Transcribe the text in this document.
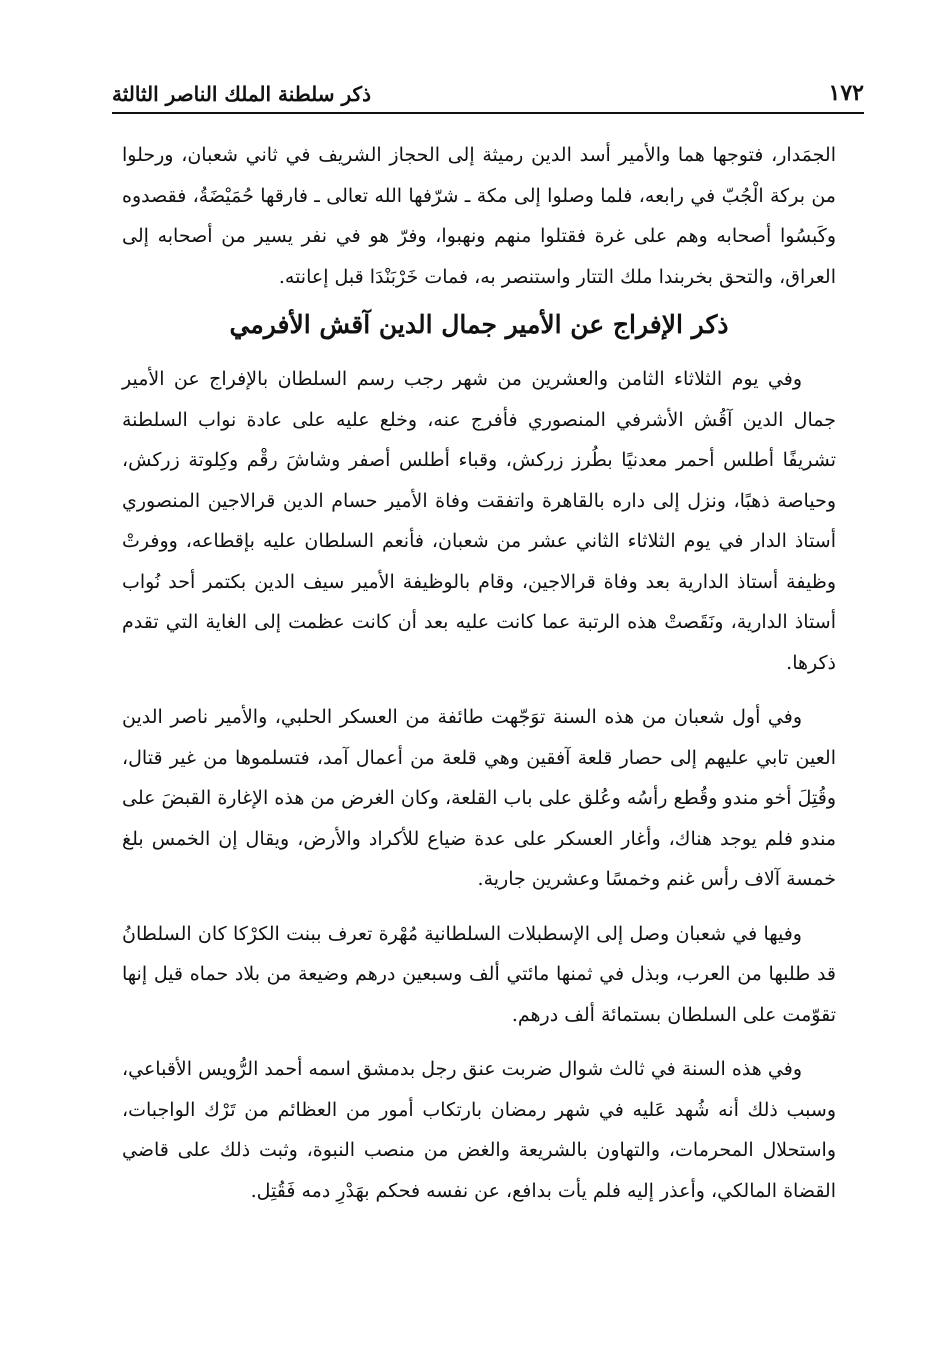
ذكر سلطنة الملك الناصر الثالثة	١٧٢

الجمَدار، فتوجها هما والأمير أسد الدين رميثة إلى الحجاز الشريف في ثاني شعبان، ورحلوا من بركة الْجُبّ في رابعه، فلما وصلوا إلى مكة ـ شرّفها الله تعالى ـ فارقها حُمَيْضَةُ، فقصدوه وكَبسُوا أصحابه وهم على غرة فقتلوا منهم ونهبوا، وفرّ هو في نفر يسير من أصحابه إلى العراق، والتحق بخربندا ملك التتار واستنصر به، فمات خَرْبَنْدَا قبل إعانته.

ذكر الإفراج عن الأمير جمال الدين آقش الأفرمي

وفي يوم الثلاثاء الثامن والعشرين من شهر رجب رسم السلطان بالإفراج عن الأمير جمال الدين آقُش الأشرفي المنصوري فأفرج عنه، وخلع عليه على عادة نواب السلطنة تشريفًا أطلس أحمر معدنيًا بطُرز زركش، وقباء أطلس أصفر وشاشَ رقْم وكِلوتة زركش، وحياصة ذهبًا، ونزل إلى داره بالقاهرة واتفقت وفاة الأمير حسام الدين قرالاجين المنصوري أستاذ الدار في يوم الثلاثاء الثاني عشر من شعبان، فأنعم السلطان عليه بإقطاعه، ووفرتْ وظيفة أستاذ الدارية بعد وفاة قرالاجين، وقام بالوظيفة الأمير سيف الدين بكتمر أحد نُواب أستاذ الدارية، ونَقَصتْ هذه الرتبة عما كانت عليه بعد أن كانت عظمت إلى الغاية التي تقدم ذكرها.

وفي أول شعبان من هذه السنة توَجّهت طائفة من العسكر الحلبي، والأمير ناصر الدين العين تابي عليهم إلى حصار قلعة آفقين وهي قلعة من أعمال آمد، فتسلموها من غير قتال، وقُتِلَ أخو مندو وقُطع رأسُه وعُلق على باب القلعة، وكان الغرض من هذه الإغارة القبضَ على مندو فلم يوجد هناك، وأغار العسكر على عدة ضياع للأكراد والأرض، ويقال إن الخمس بلغ خمسة آلاف رأس غنم وخمسًا وعشرين جارية.

وفيها في شعبان وصل إلى الإسطبلات السلطانية مُهْرة تعرف ببنت الكرْكا كان السلطانُ قد طلبها من العرب، وبذل في ثمنها مائتي ألف وسبعين درهم وضيعة من بلاد حماه قيل إنها تقوّمت على السلطان بستمائة ألف درهم.

وفي هذه السنة في ثالث شوال ضربت عنق رجل بدمشق اسمه أحمد الرُّويس الأقباعي، وسبب ذلك أنه شُهد عَليه في شهر رمضان بارتكاب أمور من العظائم من تَرْك الواجبات، واستحلال المحرمات، والتهاون بالشريعة والغض من منصب النبوة، وثبت ذلك على قاضي القضاة المالكي، وأعذر إليه فلم يأت بدافع، عن نفسه فحكم بهَدْرِ دمه فَقُتِل.
